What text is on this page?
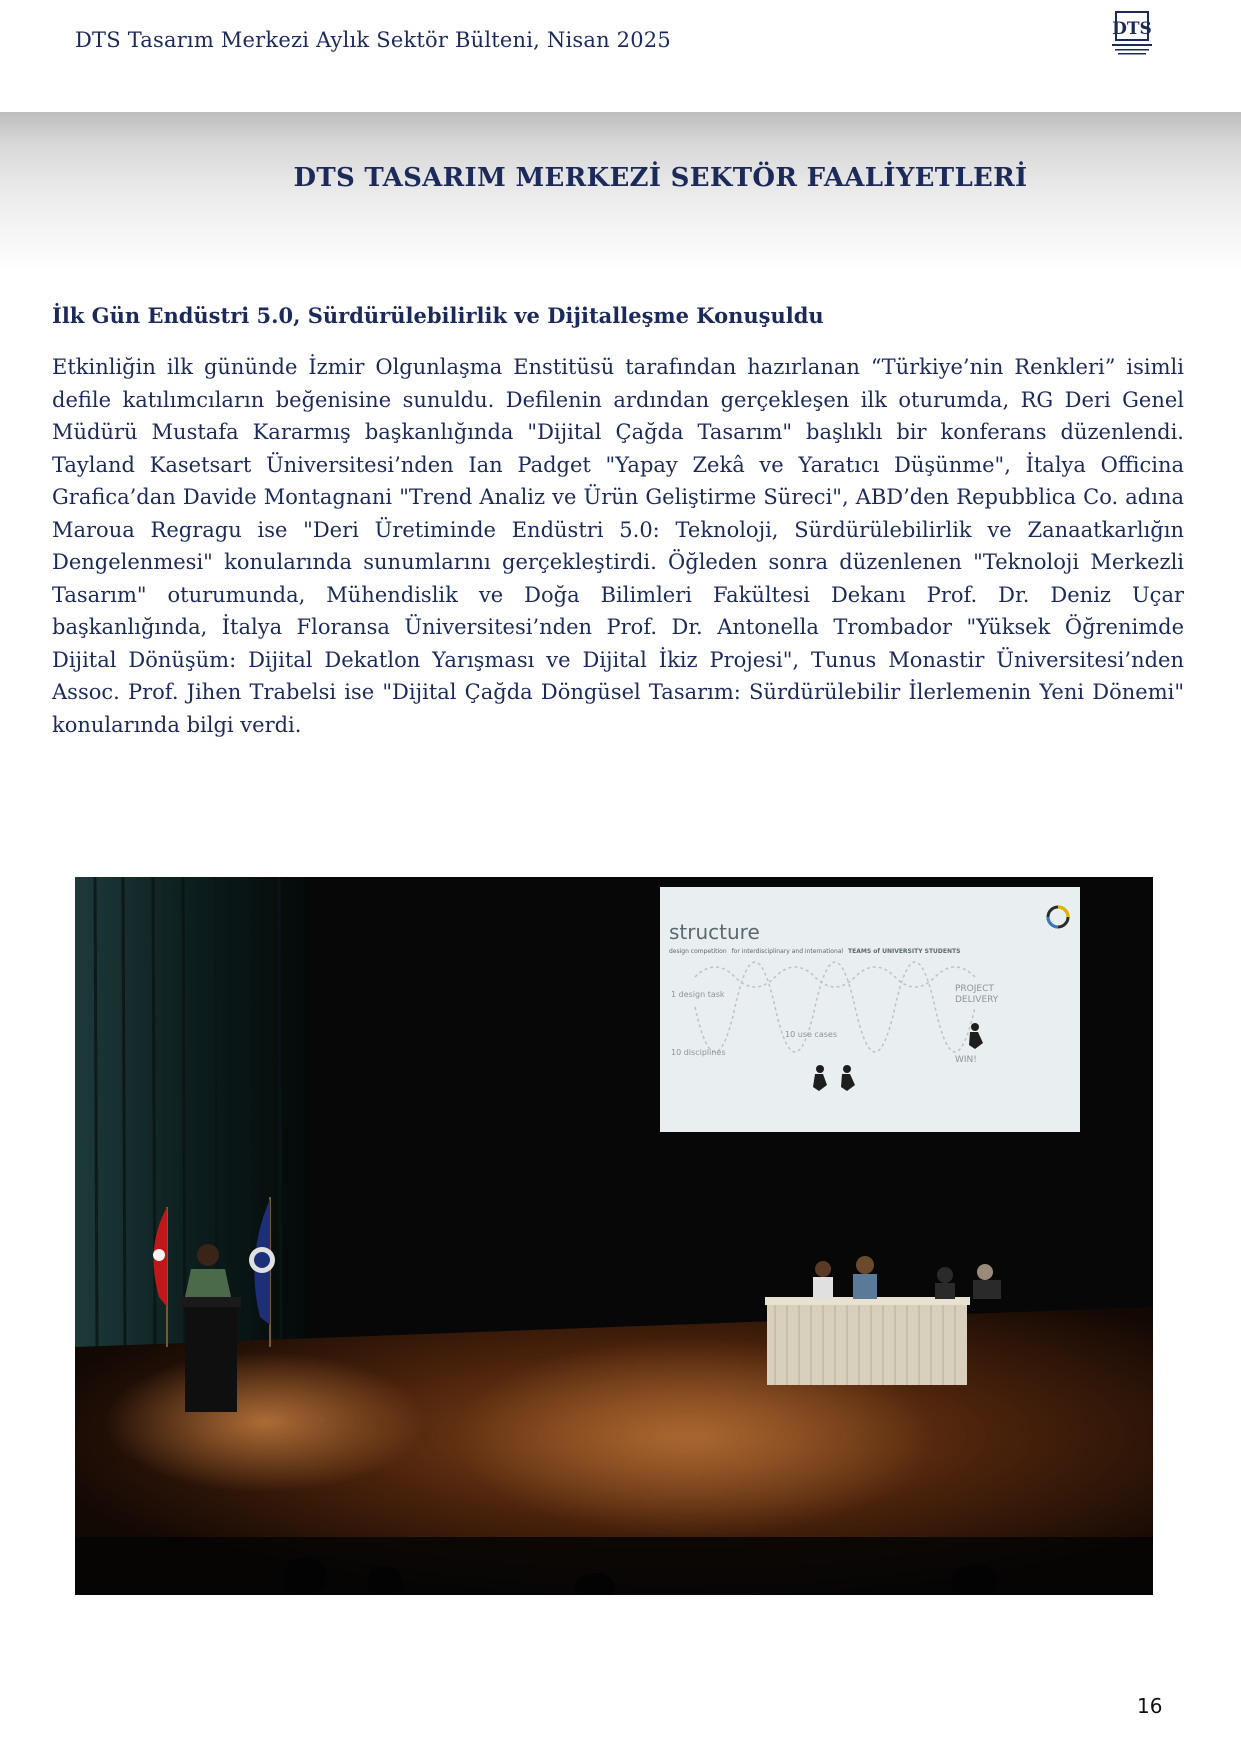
DTS Tasarım Merkezi Aylık Sektör Bülteni, Nisan 2025	DTS
DTS TASARIM MERKEZİ SEKTÖR FAALİYETLERİ
İlk Gün Endüstri 5.0, Sürdürülebilirlik ve Dijitalleşme Konuşuldu

Etkinliğin ilk gününde İzmir Olgunlaşma Enstitüsü tarafından hazırlanan “Türkiye’nin Renkleri” isimli defile katılımcıların beğenisine sunuldu. Defilenin ardından gerçekleşen ilk oturumda, RG Deri Genel Müdürü Mustafa Kararmış başkanlığında "Dijital Çağda Tasarım" başlıklı bir konferans düzenlendi. Tayland Kasetsart Üniversitesi’nden Ian Padget "Yapay Zekâ ve Yaratıcı Düşünme", İtalya Officina Grafica’dan Davide Montagnani "Trend Analiz ve Ürün Geliştirme Süreci", ABD’den Repubblica Co. adına Maroua Regragu ise "Deri Üretiminde Endüstri 5.0: Teknoloji, Sürdürülebilirlik ve Zanaatkarlığın Dengelenmesi" konularında sunumlarını gerçekleştirdi. Öğleden sonra düzenlenen "Teknoloji Merkezli Tasarım" oturumunda, Mühendislik ve Doğa Bilimleri Fakültesi Dekanı Prof. Dr. Deniz Uçar başkanlığında, İtalya Floransa Üniversitesi’nden Prof. Dr. Antonella Trombador "Yüksek Öğrenimde Dijital Dönüşüm: Dijital Dekatlon Yarışması ve Dijital İkiz Projesi", Tunus Monastir Üniversitesi’nden Assoc. Prof. Jihen Trabelsi ise "Dijital Çağda Döngüsel Tasarım: Sürdürülebilir İlerlemenin Yeni Dönemi" konularında bilgi verdi.

structure
design competition for interdisciplinary and international TEAMS of UNIVERSITY STUDENTS
1 design task
10 disciplines
10 use cases
PROJECT
DELIVERY
WIN!
16
